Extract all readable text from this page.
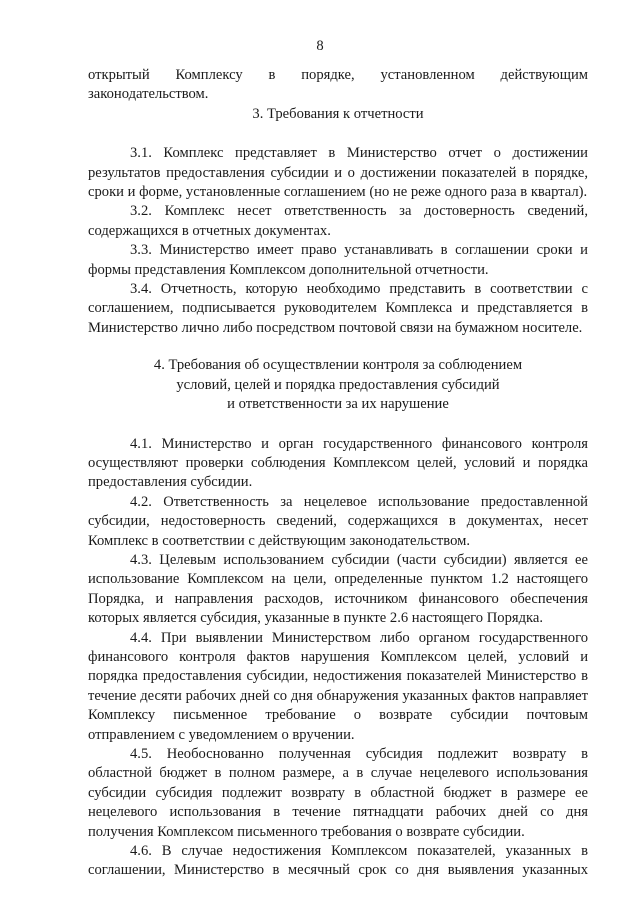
8

открытый Комплексу в порядке, установленном действующим

законодательством.

3. Требования к отчетности

3.1. Комплекс представляет в Министерство отчет о достижении результатов предоставления субсидии и о достижении показателей в порядке, сроки и форме, установленные соглашением (но не реже одного раза в квартал).

3.2. Комплекс несет ответственность за достоверность сведений, содержащихся в отчетных документах.

3.3. Министерство имеет право устанавливать в соглашении сроки и формы представления Комплексом дополнительной отчетности.

3.4. Отчетность, которую необходимо представить в соответствии с соглашением, подписывается руководителем Комплекса и представляется в Министерство лично либо посредством почтовой связи на бумажном носителе.

4. Требования об осуществлении контроля за соблюдением
условий, целей и порядка предоставления субсидий
и ответственности за их нарушение

4.1. Министерство и орган государственного финансового контроля осуществляют проверки соблюдения Комплексом целей, условий и порядка предоставления субсидии.

4.2. Ответственность за нецелевое использование предоставленной субсидии, недостоверность сведений, содержащихся в документах, несет Комплекс в соответствии с действующим законодательством.

4.3. Целевым использованием субсидии (части субсидии) является ее использование Комплексом на цели, определенные пунктом 1.2 настоящего Порядка, и направления расходов, источником финансового обеспечения которых является субсидия, указанные в пункте 2.6 настоящего Порядка.

4.4. При выявлении Министерством либо органом государственного финансового контроля фактов нарушения Комплексом целей, условий и порядка предоставления субсидии, недостижения показателей Министерство в течение десяти рабочих дней со дня обнаружения указанных фактов направляет Комплексу письменное требование о возврате субсидии почтовым отправлением с уведомлением о вручении.

4.5. Необоснованно полученная субсидия подлежит возврату в областной бюджет в полном размере, а в случае нецелевого использования субсидии субсидия подлежит возврату в областной бюджет в размере ее нецелевого использования в течение пятнадцати рабочих дней со дня получения Комплексом письменного требования о возврате субсидии.

4.6. В случае недостижения Комплексом показателей, указанных в соглашении, Министерство в месячный срок со дня выявления указанных
